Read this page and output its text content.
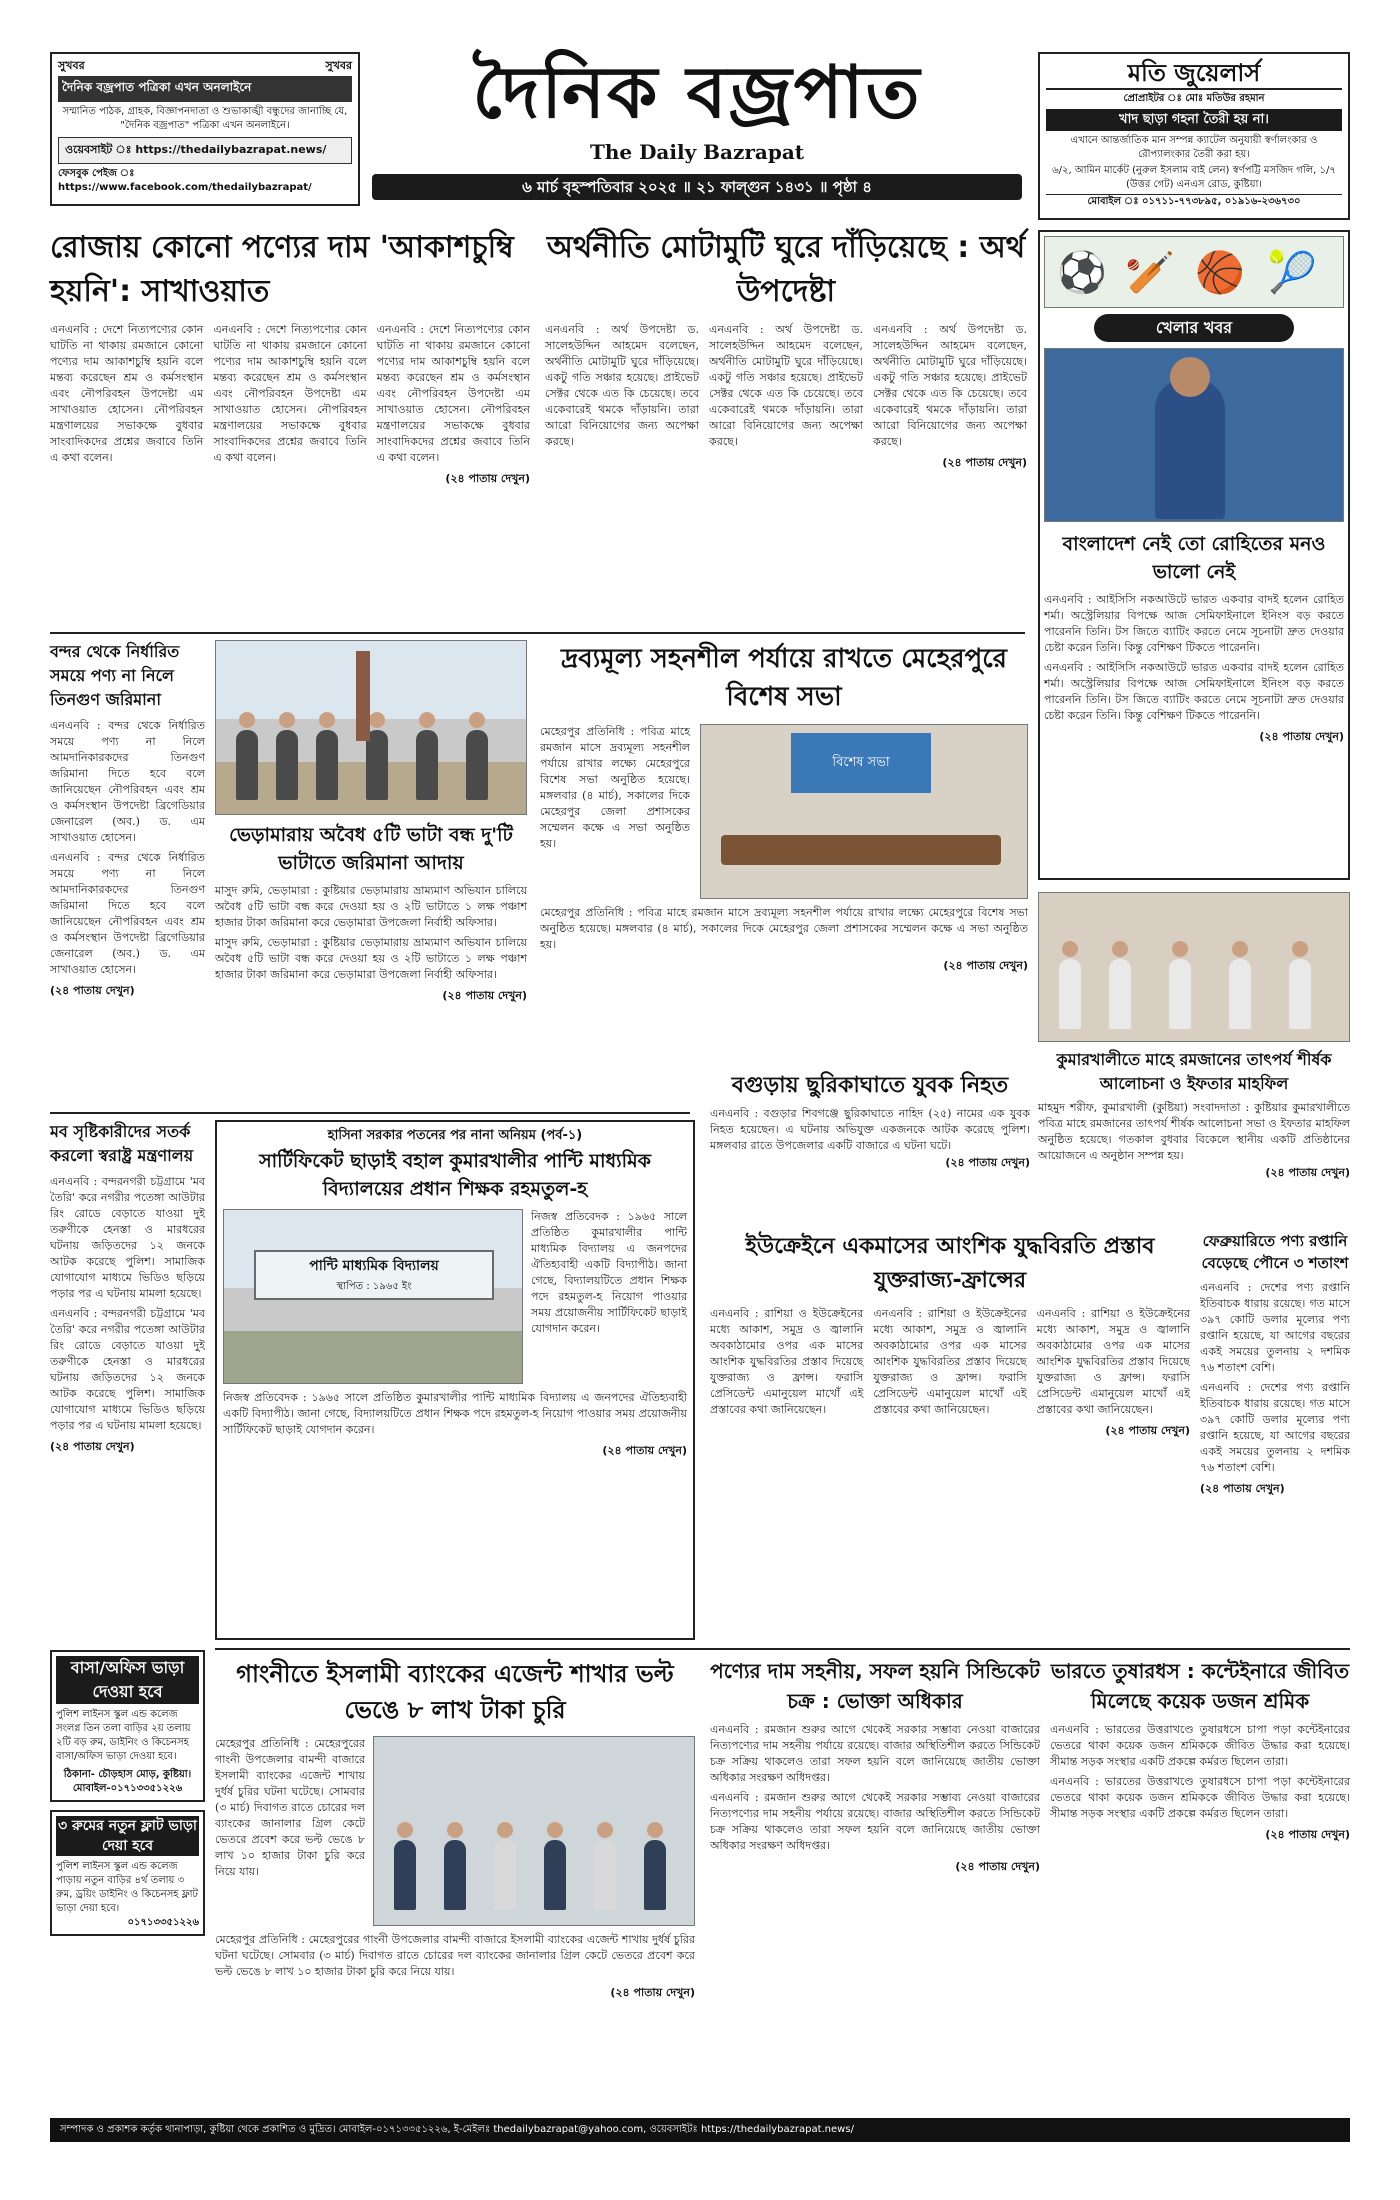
সুখবর	সুখবর
দৈনিক বজ্রপাত পত্রিকা এখন অনলাইনে
সম্মানিত পাঠক, গ্রাহক, বিজ্ঞাপনদাতা ও শুভাকাঙ্খী বন্ধুদের জানাচ্ছি যে, "দৈনিক বজ্রপাত" পত্রিকা এখন অনলাইনে।
ওয়েবসাইট ঃ https://thedailybazrapat.news/
ফেসবুক পেইজ ঃ https://www.facebook.com/thedailybazrapat/
দৈনিক বজ্রপাত
The Daily Bazrapat
৬ মার্চ বৃহস্পতিবার ২০২৫ ॥ ২১ ফাল্গুন ১৪৩১ ॥ পৃষ্ঠা ৪
মতি জুয়েলার্স
প্রোপ্রাইটর ঃ মোঃ মতিউর রহমান
খাদ ছাড়া গহনা তৈরী হয় না।
এখানে আন্তর্জাতিক মান সম্পন্ন ক্যাটেল অনুযায়ী স্বর্ণালংকার ও রৌপ্যালংকার তৈরী করা হয়।
৬/২, আমিন মার্কেট (নুরুল ইসলাম বাই লেন) স্বর্ণপট্টি মসজিদ গলি, ১/৭ (উত্তর গেট) এনএস রোড, কুষ্টিয়া।
মোবাইল ঃ ০১৭১১-৭৭৩৮৯৫, ০১৯১৬-২৩৬৭৩০
রোজায় কোনো পণ্যের দাম 'আকাশচুম্বি হয়নি': সাখাওয়াত
এনএনবি : দেশে নিত্যপণ্যের কোন ঘাটতি না থাকায় রমজানে কোনো পণ্যের দাম আকাশচুম্বি হয়নি বলে মন্তব্য করেছেন শ্রম ও কর্মসংস্থান এবং নৌপরিবহন উপদেষ্টা এম সাখাওয়াত হোসেন। নৌপরিবহন মন্ত্রণালয়ের সভাকক্ষে বুধবার সাংবাদিকদের প্রশ্নের জবাবে তিনি এ কথা বলেন।
এনএনবি : দেশে নিত্যপণ্যের কোন ঘাটতি না থাকায় রমজানে কোনো পণ্যের দাম আকাশচুম্বি হয়নি বলে মন্তব্য করেছেন শ্রম ও কর্মসংস্থান এবং নৌপরিবহন উপদেষ্টা এম সাখাওয়াত হোসেন। নৌপরিবহন মন্ত্রণালয়ের সভাকক্ষে বুধবার সাংবাদিকদের প্রশ্নের জবাবে তিনি এ কথা বলেন।
এনএনবি : দেশে নিত্যপণ্যের কোন ঘাটতি না থাকায় রমজানে কোনো পণ্যের দাম আকাশচুম্বি হয়নি বলে মন্তব্য করেছেন শ্রম ও কর্মসংস্থান এবং নৌপরিবহন উপদেষ্টা এম সাখাওয়াত হোসেন। নৌপরিবহন মন্ত্রণালয়ের সভাকক্ষে বুধবার সাংবাদিকদের প্রশ্নের জবাবে তিনি এ কথা বলেন।
(২৪ পাতায় দেখুন)
অর্থনীতি মোটামুটি ঘুরে দাঁড়িয়েছে : অর্থ উপদেষ্টা
এনএনবি : অর্থ উপদেষ্টা ড. সালেহউদ্দিন আহমেদ বলেছেন, অর্থনীতি মোটামুটি ঘুরে দাঁড়িয়েছে। একটু গতি সঞ্চার হয়েছে। প্রাইভেট সেক্টর থেকে এত কি চেয়েছে। তবে একেবারেই থমকে দাঁড়ায়নি। তারা আরো বিনিয়োগের জন্য অপেক্ষা করছে।
এনএনবি : অর্থ উপদেষ্টা ড. সালেহউদ্দিন আহমেদ বলেছেন, অর্থনীতি মোটামুটি ঘুরে দাঁড়িয়েছে। একটু গতি সঞ্চার হয়েছে। প্রাইভেট সেক্টর থেকে এত কি চেয়েছে। তবে একেবারেই থমকে দাঁড়ায়নি। তারা আরো বিনিয়োগের জন্য অপেক্ষা করছে।
এনএনবি : অর্থ উপদেষ্টা ড. সালেহউদ্দিন আহমেদ বলেছেন, অর্থনীতি মোটামুটি ঘুরে দাঁড়িয়েছে। একটু গতি সঞ্চার হয়েছে। প্রাইভেট সেক্টর থেকে এত কি চেয়েছে। তবে একেবারেই থমকে দাঁড়ায়নি। তারা আরো বিনিয়োগের জন্য অপেক্ষা করছে।
(২৪ পাতায় দেখুন)
⚽ 🏏 🏀 🎾
খেলার খবর
বাংলাদেশ নেই তো রোহিতের মনও ভালো নেই
এনএনবি : আইসিসি নকআউটে ভারত একবার বাদই হলেন রোহিত শর্মা। অস্ট্রেলিয়ার বিপক্ষে আজ সেমিফাইনালে ইনিংস বড় করতে পারেননি তিনি। টস জিতে ব্যাটিং করতে নেমে সূচনাটা দ্রুত দেওয়ার চেষ্টা করেন তিনি। কিন্তু বেশিক্ষণ টিকতে পারেননি।
এনএনবি : আইসিসি নকআউটে ভারত একবার বাদই হলেন রোহিত শর্মা। অস্ট্রেলিয়ার বিপক্ষে আজ সেমিফাইনালে ইনিংস বড় করতে পারেননি তিনি। টস জিতে ব্যাটিং করতে নেমে সূচনাটা দ্রুত দেওয়ার চেষ্টা করেন তিনি। কিন্তু বেশিক্ষণ টিকতে পারেননি।
(২৪ পাতায় দেখুন)
বন্দর থেকে নির্ধারিত সময়ে পণ্য না নিলে তিনগুণ জরিমানা
এনএনবি : বন্দর থেকে নির্ধারিত সময়ে পণ্য না নিলে আমদানিকারকদের তিনগুণ জরিমানা দিতে হবে বলে জানিয়েছেন নৌপরিবহন এবং শ্রম ও কর্মসংস্থান উপদেষ্টা ব্রিগেডিয়ার জেনারেল (অব.) ড. এম সাখাওয়াত হোসেন।
এনএনবি : বন্দর থেকে নির্ধারিত সময়ে পণ্য না নিলে আমদানিকারকদের তিনগুণ জরিমানা দিতে হবে বলে জানিয়েছেন নৌপরিবহন এবং শ্রম ও কর্মসংস্থান উপদেষ্টা ব্রিগেডিয়ার জেনারেল (অব.) ড. এম সাখাওয়াত হোসেন।
(২৪ পাতায় দেখুন)
ভেড়ামারায় অবৈধ ৫টি ভাটা বন্ধ দু'টি ভাটাতে জরিমানা আদায়
মাসুদ রুমি, ভেড়ামারা : কুষ্টিয়ার ভেড়ামারায় ভ্রাম্যমাণ অভিযান চালিয়ে অবৈধ ৫টি ভাটা বন্ধ করে দেওয়া হয় ও ২টি ভাটাতে ১ লক্ষ পঞ্চাশ হাজার টাকা জরিমানা করে ভেড়ামারা উপজেলা নির্বাহী অফিসার।
মাসুদ রুমি, ভেড়ামারা : কুষ্টিয়ার ভেড়ামারায় ভ্রাম্যমাণ অভিযান চালিয়ে অবৈধ ৫টি ভাটা বন্ধ করে দেওয়া হয় ও ২টি ভাটাতে ১ লক্ষ পঞ্চাশ হাজার টাকা জরিমানা করে ভেড়ামারা উপজেলা নির্বাহী অফিসার।
(২৪ পাতায় দেখুন)
দ্রব্যমূল্য সহনশীল পর্যায়ে রাখতে মেহেরপুরে বিশেষ সভা
মেহেরপুর প্রতিনিধি : পবিত্র মাহে রমজান মাসে দ্রব্যমূল্য সহনশীল পর্যায়ে রাখার লক্ষ্যে মেহেরপুরে বিশেষ সভা অনুষ্ঠিত হয়েছে। মঙ্গলবার (৪ মার্চ), সকালের দিকে মেহেরপুর জেলা প্রশাসকের সম্মেলন কক্ষে এ সভা অনুষ্ঠিত হয়।
বিশেষ সভা
মেহেরপুর প্রতিনিধি : পবিত্র মাহে রমজান মাসে দ্রব্যমূল্য সহনশীল পর্যায়ে রাখার লক্ষ্যে মেহেরপুরে বিশেষ সভা অনুষ্ঠিত হয়েছে। মঙ্গলবার (৪ মার্চ), সকালের দিকে মেহেরপুর জেলা প্রশাসকের সম্মেলন কক্ষে এ সভা অনুষ্ঠিত হয়।
(২৪ পাতায় দেখুন)
কুমারখালীতে মাহে রমজানের তাৎপর্য শীর্ষক আলোচনা ও ইফতার মাহফিল
মাহমুদ শরীফ, কুমারখালী (কুষ্টিয়া) সংবাদদাতা : কুষ্টিয়ার কুমারখালীতে পবিত্র মাহে রমজানের তাৎপর্য শীর্ষক আলোচনা সভা ও ইফতার মাহফিল অনুষ্ঠিত হয়েছে। গতকাল বুধবার বিকেলে স্থানীয় একটি প্রতিষ্ঠানের আয়োজনে এ অনুষ্ঠান সম্পন্ন হয়।
(২৪ পাতায় দেখুন)
বগুড়ায় ছুরিকাঘাতে যুবক নিহত
এনএনবি : বগুড়ার শিবগঞ্জে ছুরিকাঘাতে নাহিদ (২৫) নামের এক যুবক নিহত হয়েছেন। এ ঘটনায় অভিযুক্ত একজনকে আটক করেছে পুলিশ। মঙ্গলবার রাতে উপজেলার একটি বাজারে এ ঘটনা ঘটে।
(২৪ পাতায় দেখুন)
মব সৃষ্টিকারীদের সতর্ক করলো স্বরাষ্ট্র মন্ত্রণালয়
এনএনবি : বন্দরনগরী চট্টগ্রামে 'মব তৈরি' করে নগরীর পতেঙ্গা আউটার রিং রোডে বেড়াতে যাওয়া দুই তরুণীকে হেনস্তা ও মারধরের ঘটনায় জড়িতদের ১২ জনকে আটক করেছে পুলিশ। সামাজিক যোগাযোগ মাধ্যমে ভিডিও ছড়িয়ে পড়ার পর এ ঘটনায় মামলা হয়েছে।
এনএনবি : বন্দরনগরী চট্টগ্রামে 'মব তৈরি' করে নগরীর পতেঙ্গা আউটার রিং রোডে বেড়াতে যাওয়া দুই তরুণীকে হেনস্তা ও মারধরের ঘটনায় জড়িতদের ১২ জনকে আটক করেছে পুলিশ। সামাজিক যোগাযোগ মাধ্যমে ভিডিও ছড়িয়ে পড়ার পর এ ঘটনায় মামলা হয়েছে।
(২৪ পাতায় দেখুন)
হাসিনা সরকার পতনের পর নানা অনিয়ম (পর্ব-১)
সার্টিফিকেট ছাড়াই বহাল কুমারখালীর পান্টি মাধ্যমিক বিদ্যালয়ের প্রধান শিক্ষক রহমতুল-হ
পান্টি মাধ্যমিক বিদ্যালয়
স্থাপিত : ১৯৬৫ ইং
নিজস্ব প্রতিবেদক : ১৯৬৫ সালে প্রতিষ্ঠিত কুমারখালীর পান্টি মাধ্যমিক বিদ্যালয় এ জনপদের ঐতিহ্যবাহী একটি বিদ্যাপীঠ। জানা গেছে, বিদ্যালয়টিতে প্রধান শিক্ষক পদে রহমতুল-হ নিয়োগ পাওয়ার সময় প্রয়োজনীয় সার্টিফিকেট ছাড়াই যোগদান করেন।
নিজস্ব প্রতিবেদক : ১৯৬৫ সালে প্রতিষ্ঠিত কুমারখালীর পান্টি মাধ্যমিক বিদ্যালয় এ জনপদের ঐতিহ্যবাহী একটি বিদ্যাপীঠ। জানা গেছে, বিদ্যালয়টিতে প্রধান শিক্ষক পদে রহমতুল-হ নিয়োগ পাওয়ার সময় প্রয়োজনীয় সার্টিফিকেট ছাড়াই যোগদান করেন।
(২৪ পাতায় দেখুন)
ইউক্রেইনে একমাসের আংশিক যুদ্ধবিরতি প্রস্তাব যুক্তরাজ্য-ফ্রান্সের
এনএনবি : রাশিয়া ও ইউক্রেইনের মধ্যে আকাশ, সমুদ্র ও জ্বালানি অবকাঠামোর ওপর এক মাসের আংশিক যুদ্ধবিরতির প্রস্তাব দিয়েছে যুক্তরাজ্য ও ফ্রান্স। ফরাসি প্রেসিডেন্ট এমানুয়েল মাখোঁ এই প্রস্তাবের কথা জানিয়েছেন।
এনএনবি : রাশিয়া ও ইউক্রেইনের মধ্যে আকাশ, সমুদ্র ও জ্বালানি অবকাঠামোর ওপর এক মাসের আংশিক যুদ্ধবিরতির প্রস্তাব দিয়েছে যুক্তরাজ্য ও ফ্রান্স। ফরাসি প্রেসিডেন্ট এমানুয়েল মাখোঁ এই প্রস্তাবের কথা জানিয়েছেন।
এনএনবি : রাশিয়া ও ইউক্রেইনের মধ্যে আকাশ, সমুদ্র ও জ্বালানি অবকাঠামোর ওপর এক মাসের আংশিক যুদ্ধবিরতির প্রস্তাব দিয়েছে যুক্তরাজ্য ও ফ্রান্স। ফরাসি প্রেসিডেন্ট এমানুয়েল মাখোঁ এই প্রস্তাবের কথা জানিয়েছেন।
(২৪ পাতায় দেখুন)
ফেব্রুয়ারিতে পণ্য রপ্তানি বেড়েছে পৌনে ৩ শতাংশ
এনএনবি : দেশের পণ্য রপ্তানি ইতিবাচক ধারায় রয়েছে। গত মাসে ৩৯৭ কোটি ডলার মূল্যের পণ্য রপ্তানি হয়েছে, যা আগের বছরের একই সময়ের তুলনায় ২ দশমিক ৭৬ শতাংশ বেশি।
এনএনবি : দেশের পণ্য রপ্তানি ইতিবাচক ধারায় রয়েছে। গত মাসে ৩৯৭ কোটি ডলার মূল্যের পণ্য রপ্তানি হয়েছে, যা আগের বছরের একই সময়ের তুলনায় ২ দশমিক ৭৬ শতাংশ বেশি।
(২৪ পাতায় দেখুন)
বাসা/অফিস ভাড়া দেওয়া হবে
পুলিশ লাইনস স্কুল এন্ড কলেজ সংলগ্ন তিন তলা বাড়ির ২য় তলায় ২টি বড় রুম, ডাইনিং ও কিচেনসহ বাসা/অফিস ভাড়া দেওয়া হবে।
ঠিকানা- চৌড়হাস মোড়, কুষ্টিয়া।
মোবাইল-০১৭১৩৩৫১২২৬
৩ রুমের নতুন ফ্লাট ভাড়া দেয়া হবে
পুলিশ লাইনস স্কুল এন্ড কলেজ পাড়ায় নতুন বাড়ির ৪র্থ তলায় ৩ রুম, ড্রয়িং ডাইনিং ও কিচেনসহ ফ্লাট ভাড়া দেয়া হবে।
০১৭১৩৩৫১২২৬
গাংনীতে ইসলামী ব্যাংকের এজেন্ট শাখার ভল্ট ভেঙে ৮ লাখ টাকা চুরি
মেহেরপুর প্রতিনিধি : মেহেরপুরের গাংনী উপজেলার বামন্দী বাজারে ইসলামী ব্যাংকের এজেন্ট শাখায় দুর্ধর্ষ চুরির ঘটনা ঘটেছে। সোমবার (৩ মার্চ) দিবাগত রাতে চোরের দল ব্যাংকের জানালার গ্রিল কেটে ভেতরে প্রবেশ করে ভল্ট ভেঙে ৮ লাখ ১০ হাজার টাকা চুরি করে নিয়ে যায়।
মেহেরপুর প্রতিনিধি : মেহেরপুরের গাংনী উপজেলার বামন্দী বাজারে ইসলামী ব্যাংকের এজেন্ট শাখায় দুর্ধর্ষ চুরির ঘটনা ঘটেছে। সোমবার (৩ মার্চ) দিবাগত রাতে চোরের দল ব্যাংকের জানালার গ্রিল কেটে ভেতরে প্রবেশ করে ভল্ট ভেঙে ৮ লাখ ১০ হাজার টাকা চুরি করে নিয়ে যায়।
(২৪ পাতায় দেখুন)
পণ্যের দাম সহনীয়, সফল হয়নি সিন্ডিকেট চক্র : ভোক্তা অধিকার
এনএনবি : রমজান শুরুর আগে থেকেই সরকার সম্ভাব্য নেওয়া বাজারের নিত্যপণ্যের দাম সহনীয় পর্যায়ে রয়েছে। বাজার অস্থিতিশীল করতে সিন্ডিকেট চক্র সক্রিয় থাকলেও তারা সফল হয়নি বলে জানিয়েছে জাতীয় ভোক্তা অধিকার সংরক্ষণ অধিদপ্তর।
এনএনবি : রমজান শুরুর আগে থেকেই সরকার সম্ভাব্য নেওয়া বাজারের নিত্যপণ্যের দাম সহনীয় পর্যায়ে রয়েছে। বাজার অস্থিতিশীল করতে সিন্ডিকেট চক্র সক্রিয় থাকলেও তারা সফল হয়নি বলে জানিয়েছে জাতীয় ভোক্তা অধিকার সংরক্ষণ অধিদপ্তর।
(২৪ পাতায় দেখুন)
ভারতে তুষারধস : কন্টেইনারে জীবিত মিলেছে কয়েক ডজন শ্রমিক
এনএনবি : ভারতের উত্তরাখণ্ডে তুষারধসে চাপা পড়া কন্টেইনারের ভেতরে থাকা কয়েক ডজন শ্রমিককে জীবিত উদ্ধার করা হয়েছে। সীমান্ত সড়ক সংস্থার একটি প্রকল্পে কর্মরত ছিলেন তারা।
এনএনবি : ভারতের উত্তরাখণ্ডে তুষারধসে চাপা পড়া কন্টেইনারের ভেতরে থাকা কয়েক ডজন শ্রমিককে জীবিত উদ্ধার করা হয়েছে। সীমান্ত সড়ক সংস্থার একটি প্রকল্পে কর্মরত ছিলেন তারা।
(২৪ পাতায় দেখুন)
সম্পাদক ও প্রকাশক কর্তৃক থানাপাড়া, কুষ্টিয়া থেকে প্রকাশিত ও মুদ্রিত। মোবাইল-০১৭১৩৩৫১২২৬, ই-মেইলঃ thedailybazrapat@yahoo.com, ওয়েবসাইটঃ https://thedailybazrapat.news/
